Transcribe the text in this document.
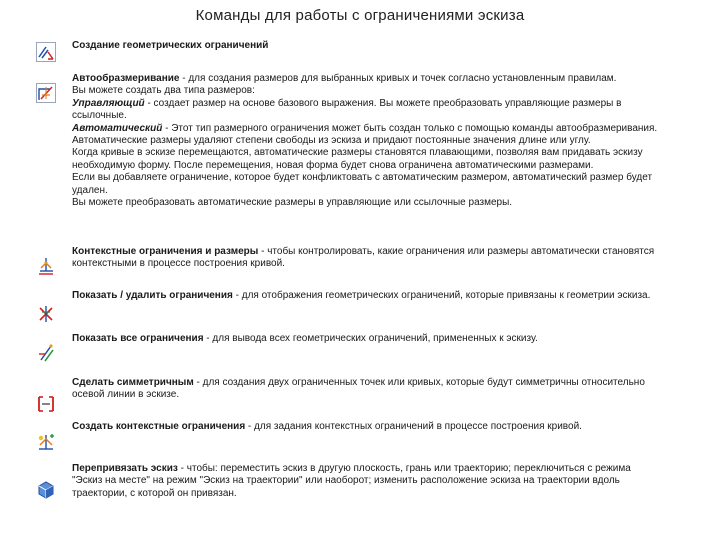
Команды для работы с ограничениями эскиза

Создание геометрических ограничений

Автообразмеривание - для создания размеров для выбранных кривых и точек согласно установленным правилам.

Вы можете создать два типа размеров:

Управляющий - создает размер на основе базового выражения. Вы можете преобразовать управляющие размеры в

ссылочные.

Автоматический - Этот тип размерного ограничения может быть создан только с помощью команды автообразмеривания.

Автоматические размеры удаляют степени свободы из эскиза и придают постоянные значения длине или углу.

Когда кривые в эскизе перемещаются, автоматические размеры становятся плавающими, позволяя вам придавать эскизу

необходимую форму. После перемещения, новая форма будет снова ограничена автоматическими размерами.

Если вы добавляете ограничение, которое будет конфликтовать с автоматическим размером, автоматический размер будет

удален.

Вы можете преобразовать автоматические размеры в управляющие или ссылочные размеры.

Контекстные ограничения и размеры - чтобы контролировать, какие ограничения или размеры автоматически становятся

контекстными в процессе построения кривой.

Показать / удалить ограничения - для отображения геометрических ограничений, которые привязаны к геометрии эскиза.

Показать все ограничения - для вывода всех геометрических ограничений, примененных к эскизу.

Сделать симметричным - для создания двух ограниченных точек или кривых, которые будут симметричны относительно

осевой линии в эскизе.

Создать контекстные ограничения - для задания контекстных ограничений в процессе построения кривой.

Перепривязать эскиз - чтобы: переместить эскиз в другую плоскость, грань или траекторию; переключиться с режима

"Эскиз на месте" на режим "Эскиз на траектории" или наоборот; изменить расположение эскиза на траектории вдоль

траектории, с которой он привязан.
